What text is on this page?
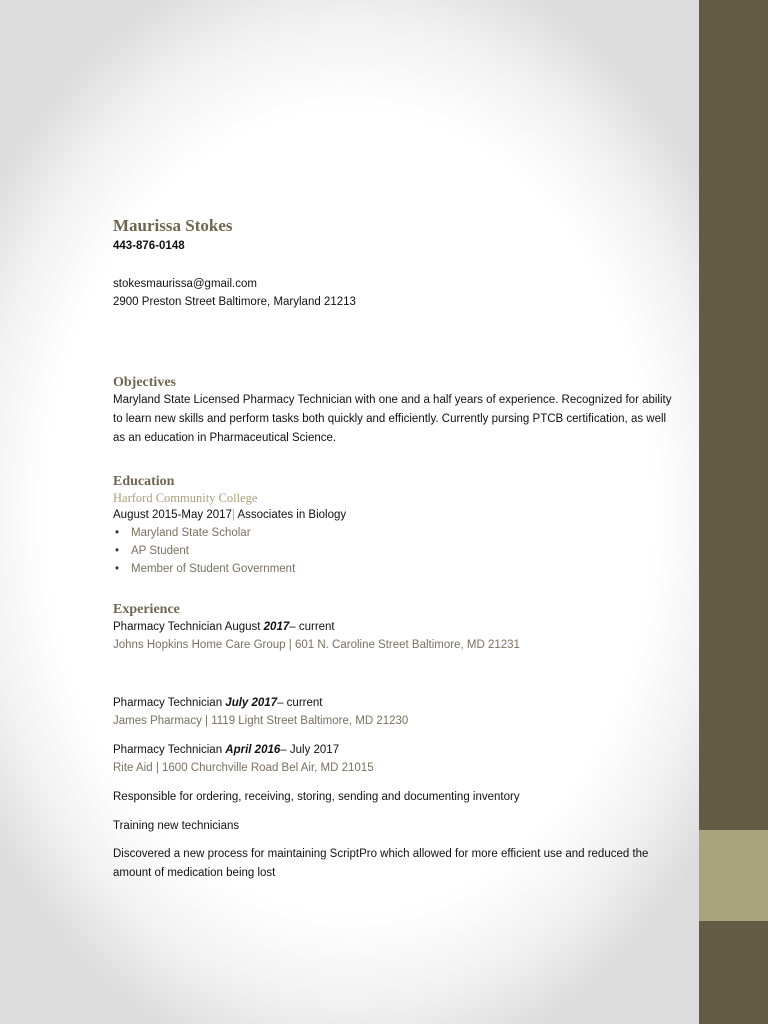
Maurissa Stokes

443-876-0148

stokesmaurissa@gmail.com

2900 Preston Street Baltimore, Maryland 21213

Objectives

Maryland State Licensed Pharmacy Technician with one and a half years of experience. Recognized for ability to learn new skills and perform tasks both quickly and efficiently. Currently pursing PTCB certification, as well as an education in Pharmaceutical Science.

Education

Harford Community College

August 2015-May 2017| Associates in Biology

• Maryland State Scholar
• AP Student
• Member of Student Government

Experience

Pharmacy Technician August 2017– current

Johns Hopkins Home Care Group | 601 N. Caroline Street Baltimore, MD 21231

Pharmacy Technician July 2017– current

James Pharmacy | 1119 Light Street Baltimore, MD 21230

Pharmacy Technician April 2016– July 2017

Rite Aid | 1600 Churchville Road Bel Air, MD 21015

Responsible for ordering, receiving, storing, sending and documenting inventory

Training new technicians

Discovered a new process for maintaining ScriptPro which allowed for more efficient use and reduced the amount of medication being lost
